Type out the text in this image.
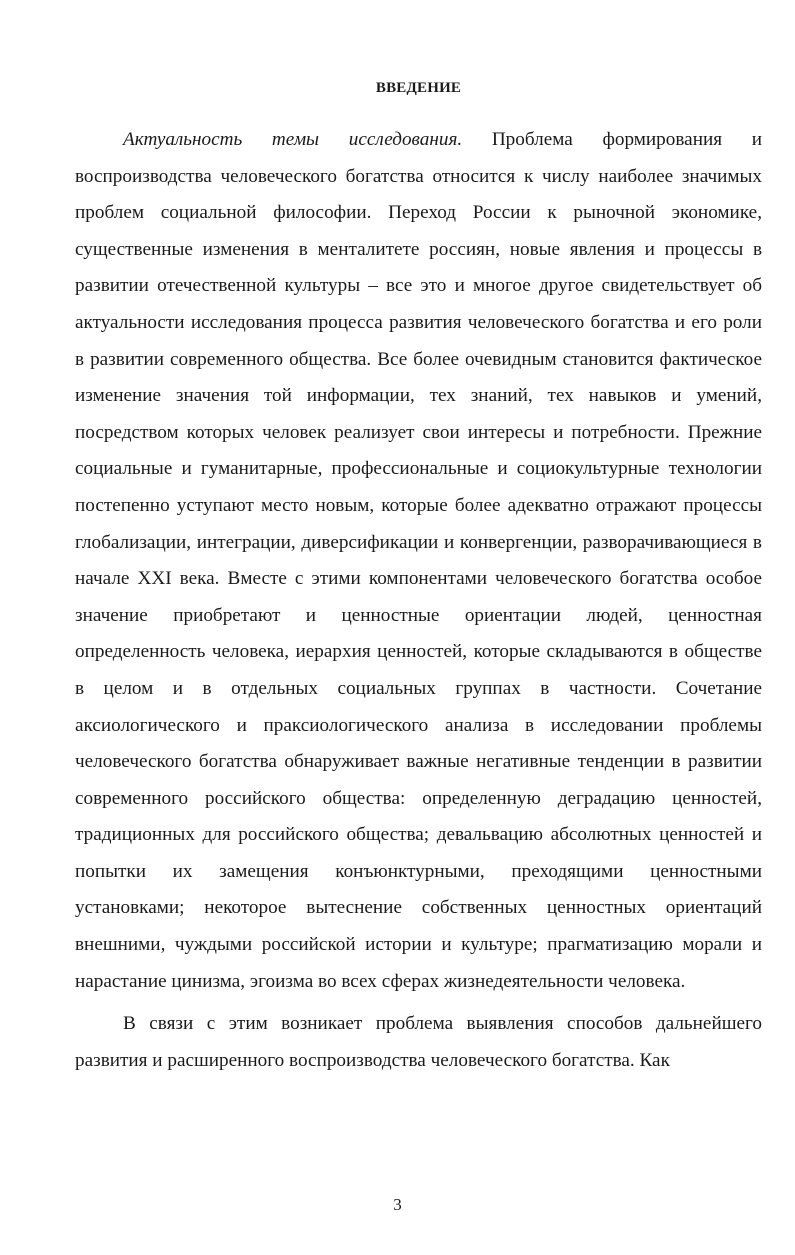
ВВЕДЕНИЕ

Актуальность темы исследования. Проблема формирования и воспроизводства человеческого богатства относится к числу наиболее значимых проблем социальной философии. Переход России к рыночной экономике, существенные изменения в менталитете россиян, новые явления и процессы в развитии отечественной культуры – все это и многое другое свидетельствует об актуальности исследования процесса развития человеческого богатства и его роли в развитии современного общества. Все более очевидным становится фактическое изменение значения той информации, тех знаний, тех навыков и умений, посредством которых человек реализует свои интересы и потребности. Прежние социальные и гуманитарные, профессиональные и социокультурные технологии постепенно уступают место новым, которые более адекватно отражают процессы глобализации, интеграции, диверсификации и конвергенции, разворачивающиеся в начале XXI века. Вместе с этими компонентами человеческого богатства особое значение приобретают и ценностные ориентации людей, ценностная определенность человека, иерархия ценностей, которые складываются в обществе в целом и в отдельных социальных группах в частности. Сочетание аксиологического и праксиологического анализа в исследовании проблемы человеческого богатства обнаруживает важные негативные тенденции в развитии современного российского общества: определенную деградацию ценностей, традиционных для российского общества; девальвацию абсолютных ценностей и попытки их замещения конъюнктурными, преходящими ценностными установками; некоторое вытеснение собственных ценностных ориентаций внешними, чуждыми российской истории и культуре; прагматизацию морали и нарастание цинизма, эгоизма во всех сферах жизнедеятельности человека.

В связи с этим возникает проблема выявления способов дальнейшего развития и расширенного воспроизводства человеческого богатства. Как

3
